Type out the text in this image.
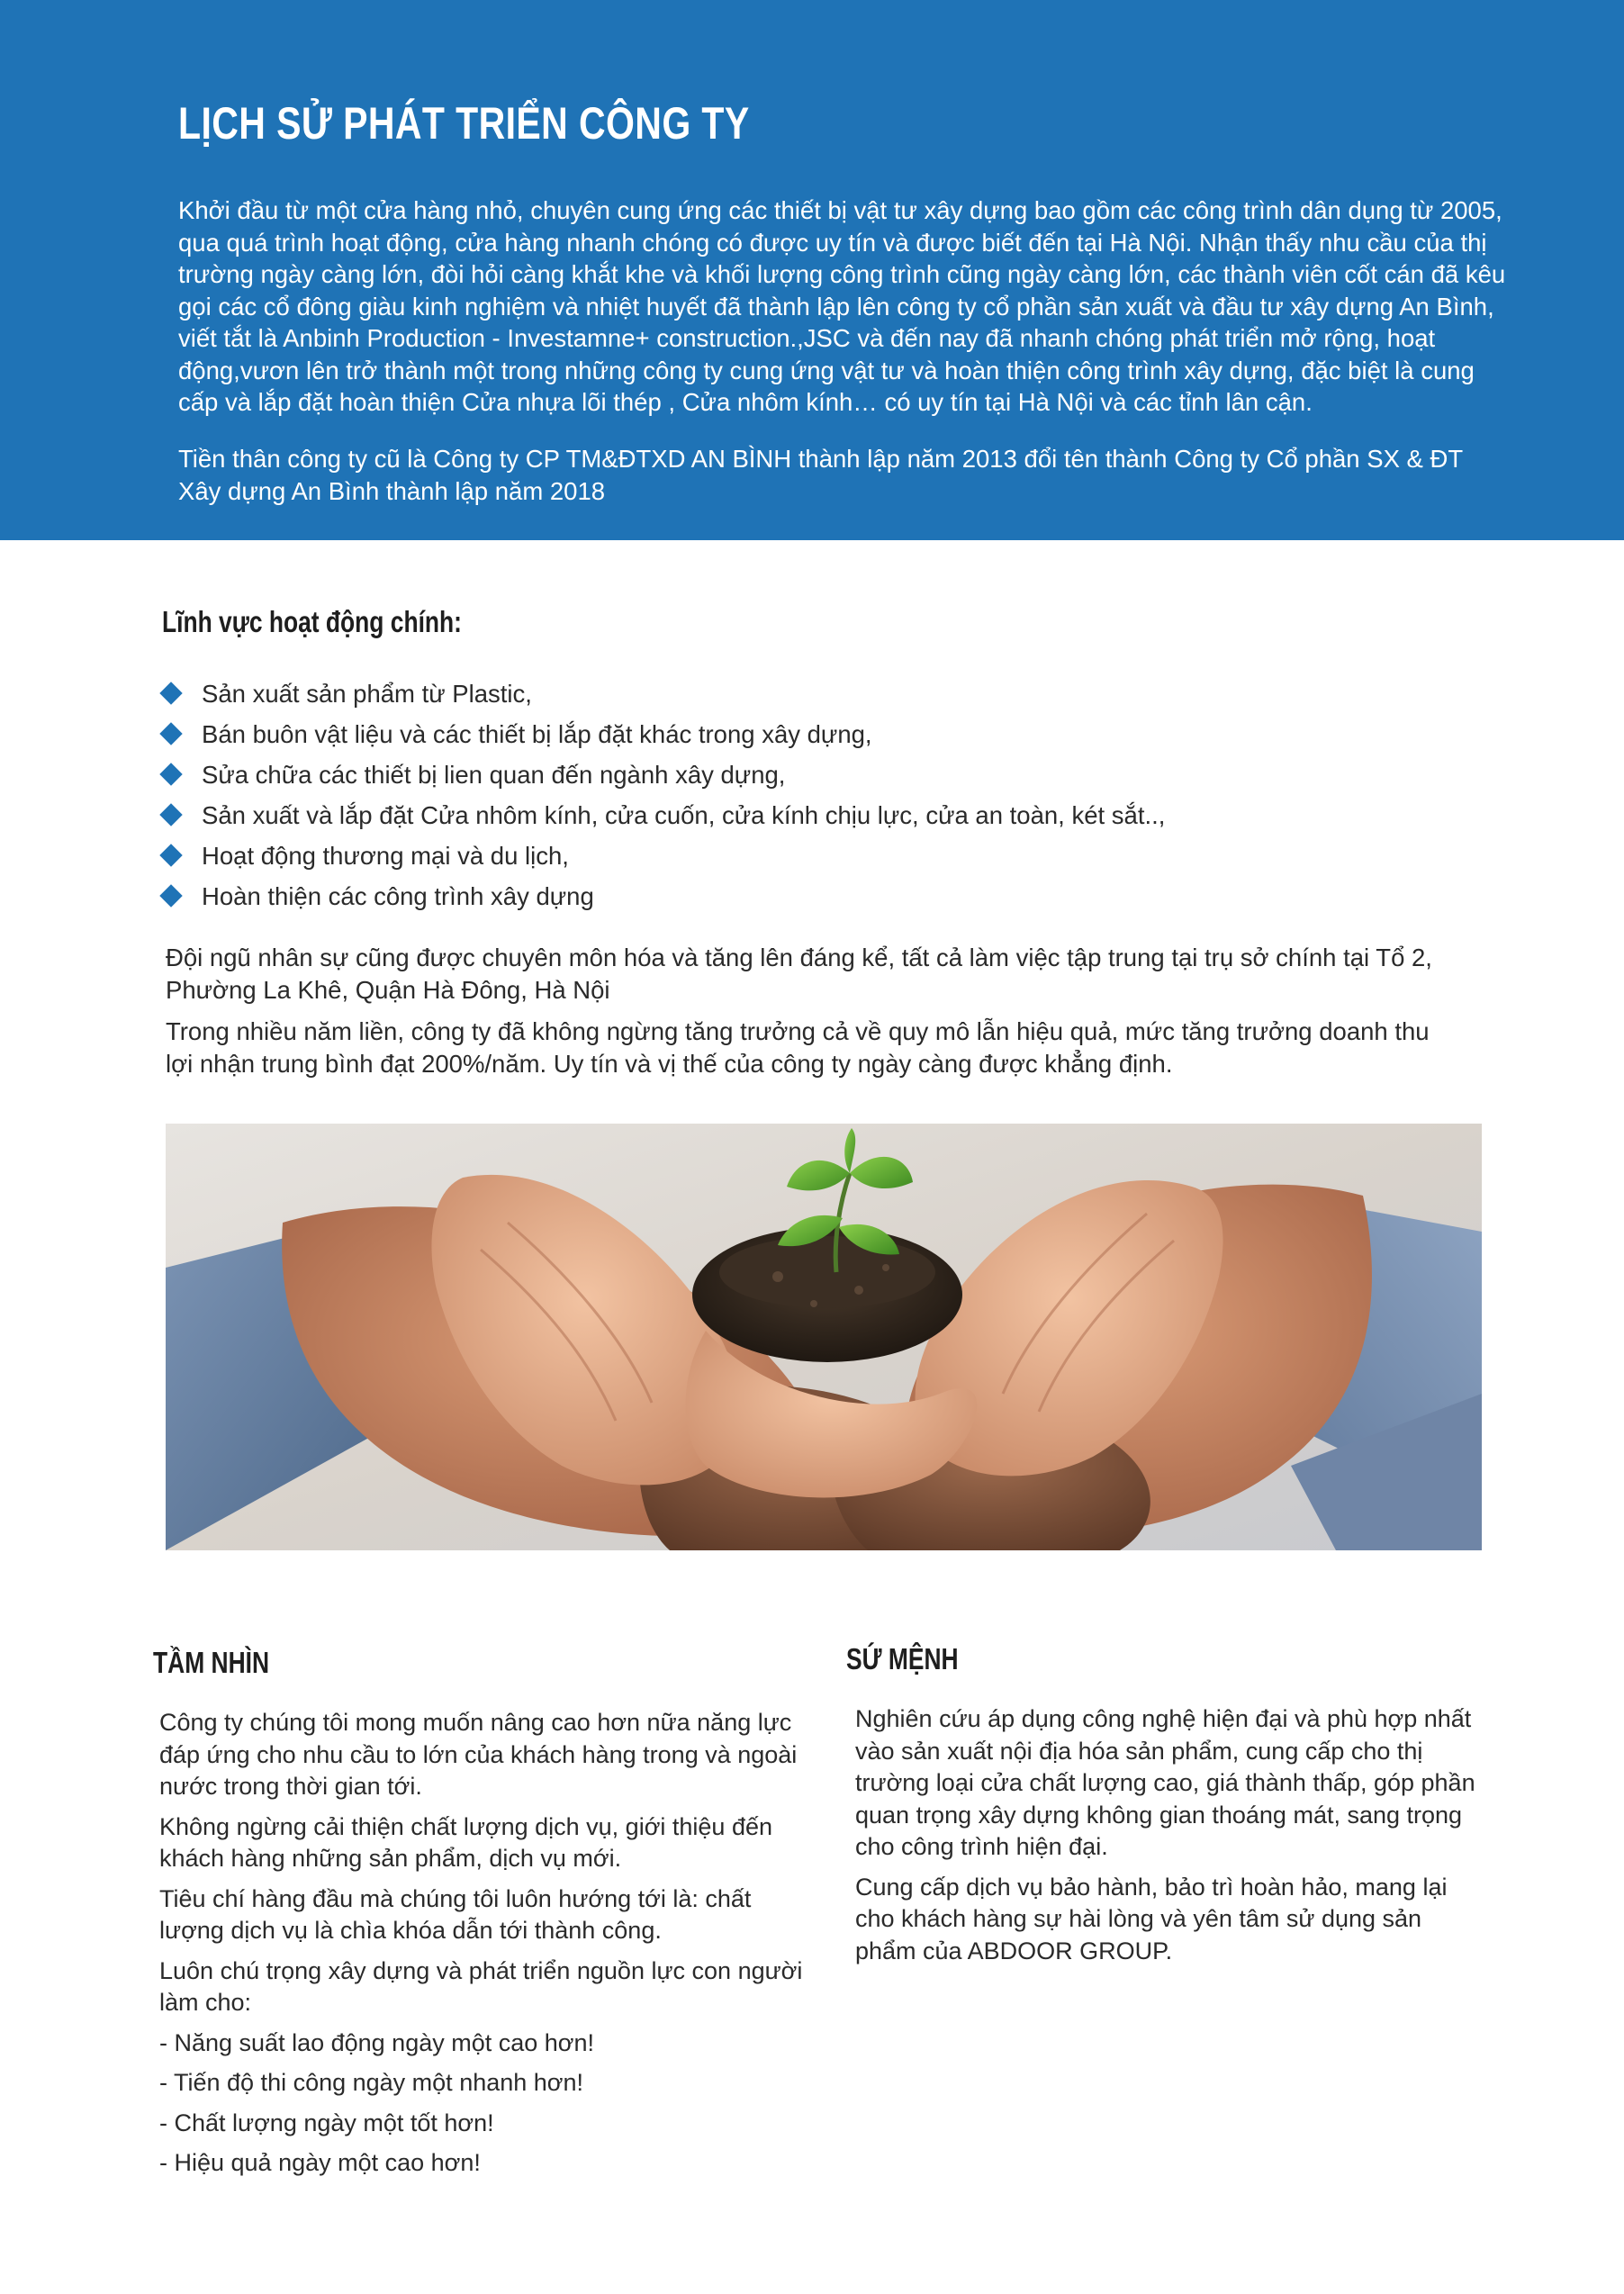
LỊCH SỬ PHÁT TRIỂN CÔNG TY

Khởi đầu từ một cửa hàng nhỏ, chuyên cung ứng các thiết bị vật tư xây dựng bao gồm các công trình dân dụng từ 2005, qua quá trình hoạt động, cửa hàng nhanh chóng có được uy tín và được biết đến tại Hà Nội. Nhận thấy nhu cầu của thị trường ngày càng lớn, đòi hỏi càng khắt khe và khối lượng công trình cũng ngày càng lớn, các thành viên cốt cán đã kêu gọi các cổ đông giàu kinh nghiệm và nhiệt huyết đã thành lập lên công ty cổ phần sản xuất và đầu tư xây dựng An Bình, viết tắt là Anbinh Production - Investamne+ construction.,JSC và đến nay đã nhanh chóng phát triển mở rộng, hoạt động,vươn lên trở thành một trong những công ty cung ứng vật tư và hoàn thiện công trình xây dựng, đặc biệt là cung cấp và lắp đặt hoàn thiện Cửa nhựa lõi thép , Cửa nhôm kính… có uy tín tại Hà Nội và các tỉnh lân cận.

Tiền thân công ty cũ là Công ty CP TM&ĐTXD AN BÌNH thành lập năm 2013 đổi tên thành Công ty Cổ phần SX & ĐT Xây dựng An Bình thành lập năm 2018

Lĩnh vực hoạt động chính:
Sản xuất sản phẩm từ Plastic,
Bán buôn vật liệu và các thiết bị lắp đặt khác trong xây dựng,
Sửa chữa các thiết bị lien quan đến ngành xây dựng,
Sản xuất và lắp đặt Cửa nhôm kính, cửa cuốn, cửa kính chịu lực, cửa an toàn, két sắt..,
Hoạt động thương mại và du lịch,
Hoàn thiện các công trình xây dựng

Đội ngũ nhân sự cũng được chuyên môn hóa và tăng lên đáng kể, tất cả làm việc tập trung tại trụ sở chính tại Tổ 2, Phường La Khê, Quận Hà Đông, Hà Nội

Trong nhiều năm liền, công ty đã không ngừng tăng trưởng cả về quy mô lẫn hiệu quả, mức tăng trưởng doanh thu lợi nhận trung bình đạt 200%/năm. Uy tín và vị thế của công ty ngày càng được khẳng định.

TẦM NHÌN

Công ty chúng tôi mong muốn nâng cao hơn nữa năng lực đáp ứng cho nhu cầu to lớn của khách hàng trong và ngoài nước trong thời gian tới.

Không ngừng cải thiện chất lượng dịch vụ, giới thiệu đến khách hàng những sản phẩm, dịch vụ mới.

Tiêu chí hàng đầu mà chúng tôi luôn hướng tới là: chất lượng dịch vụ là chìa khóa dẫn tới thành công.

Luôn chú trọng xây dựng và phát triển nguồn lực con người làm cho:

- Năng suất lao động ngày một cao hơn!
- Tiến độ thi công ngày một nhanh hơn!
- Chất lượng ngày một tốt hơn!
- Hiệu quả ngày một cao hơn!
SỨ MỆNH

Nghiên cứu áp dụng công nghệ hiện đại và phù hợp nhất vào sản xuất nội địa hóa sản phẩm, cung cấp cho thị trường loại cửa chất lượng cao, giá thành thấp, góp phần quan trọng xây dựng không gian thoáng mát, sang trọng cho công trình hiện đại.

Cung cấp dịch vụ bảo hành, bảo trì hoàn hảo, mang lại cho khách hàng sự hài lòng và yên tâm sử dụng sản phẩm của ABDOOR GROUP.
